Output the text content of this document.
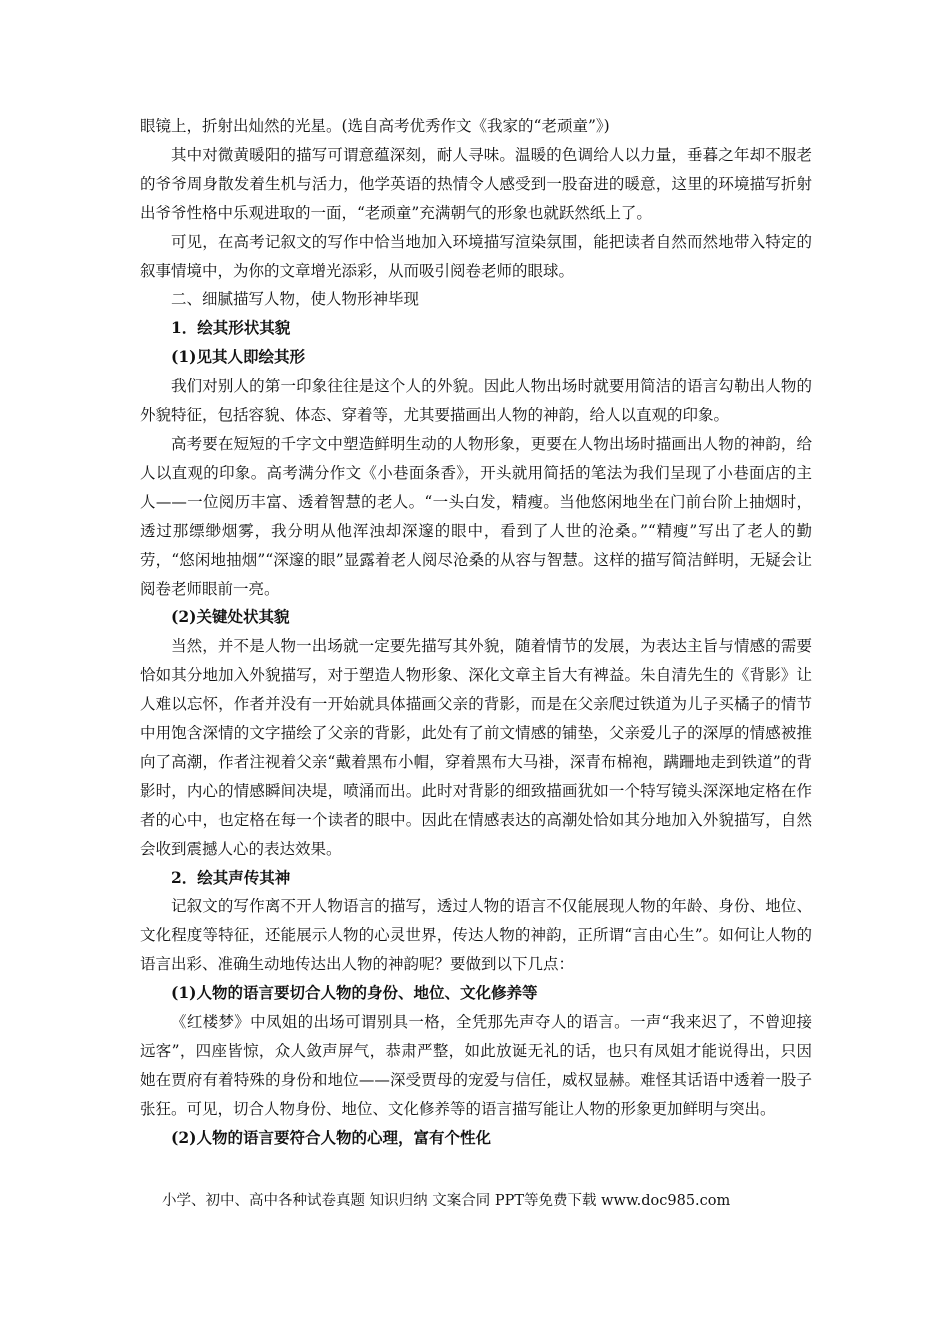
眼镜上，折射出灿然的光星。(选自高考优秀作文《我家的“老顽童”》)

其中对微黄暖阳的描写可谓意蕴深刻，耐人寻味。温暖的色调给人以力量，垂暮之年却不服老的爷爷周身散发着生机与活力，他学英语的热情令人感受到一股奋进的暖意，这里的环境描写折射出爷爷性格中乐观进取的一面，“老顽童”充满朝气的形象也就跃然纸上了。

可见，在高考记叙文的写作中恰当地加入环境描写渲染氛围，能把读者自然而然地带入特定的叙事情境中，为你的文章增光添彩，从而吸引阅卷老师的眼球。

二、细腻描写人物，使人物形神毕现

1．绘其形状其貌

(1)见其人即绘其形

我们对别人的第一印象往往是这个人的外貌。因此人物出场时就要用简洁的语言勾勒出人物的外貌特征，包括容貌、体态、穿着等，尤其要描画出人物的神韵，给人以直观的印象。

高考要在短短的千字文中塑造鲜明生动的人物形象，更要在人物出场时描画出人物的神韵，给人以直观的印象。高考满分作文《小巷面条香》，开头就用简括的笔法为我们呈现了小巷面店的主人——一位阅历丰富、透着智慧的老人。“一头白发，精瘦。当他悠闲地坐在门前台阶上抽烟时，透过那缥缈烟雾，我分明从他浑浊却深邃的眼中，看到了人世的沧桑。”“精瘦”写出了老人的勤劳，“悠闲地抽烟”“深邃的眼”显露着老人阅尽沧桑的从容与智慧。这样的描写简洁鲜明，无疑会让阅卷老师眼前一亮。

(2)关键处状其貌

当然，并不是人物一出场就一定要先描写其外貌，随着情节的发展，为表达主旨与情感的需要恰如其分地加入外貌描写，对于塑造人物形象、深化文章主旨大有裨益。朱自清先生的《背影》让人难以忘怀，作者并没有一开始就具体描画父亲的背影，而是在父亲爬过铁道为儿子买橘子的情节中用饱含深情的文字描绘了父亲的背影，此处有了前文情感的铺垫，父亲爱儿子的深厚的情感被推向了高潮，作者注视着父亲“戴着黑布小帽，穿着黑布大马褂，深青布棉袍，蹒跚地走到铁道”的背影时，内心的情感瞬间决堤，喷涌而出。此时对背影的细致描画犹如一个特写镜头深深地定格在作者的心中，也定格在每一个读者的眼中。因此在情感表达的高潮处恰如其分地加入外貌描写，自然会收到震撼人心的表达效果。

2．绘其声传其神

记叙文的写作离不开人物语言的描写，透过人物的语言不仅能展现人物的年龄、身份、地位、文化程度等特征，还能展示人物的心灵世界，传达人物的神韵，正所谓“言由心生”。如何让人物的语言出彩、准确生动地传达出人物的神韵呢？要做到以下几点：

(1)人物的语言要切合人物的身份、地位、文化修养等

《红楼梦》中凤姐的出场可谓别具一格，全凭那先声夺人的语言。一声“我来迟了，不曾迎接远客”，四座皆惊，众人敛声屏气，恭肃严整，如此放诞无礼的话，也只有凤姐才能说得出，只因她在贾府有着特殊的身份和地位——深受贾母的宠爱与信任，威权显赫。难怪其话语中透着一股子张狂。可见，切合人物身份、地位、文化修养等的语言描写能让人物的形象更加鲜明与突出。

(2)人物的语言要符合人物的心理，富有个性化

小学、初中、高中各种试卷真题 知识归纳 文案合同 PPT等免费下载 www.doc985.com
